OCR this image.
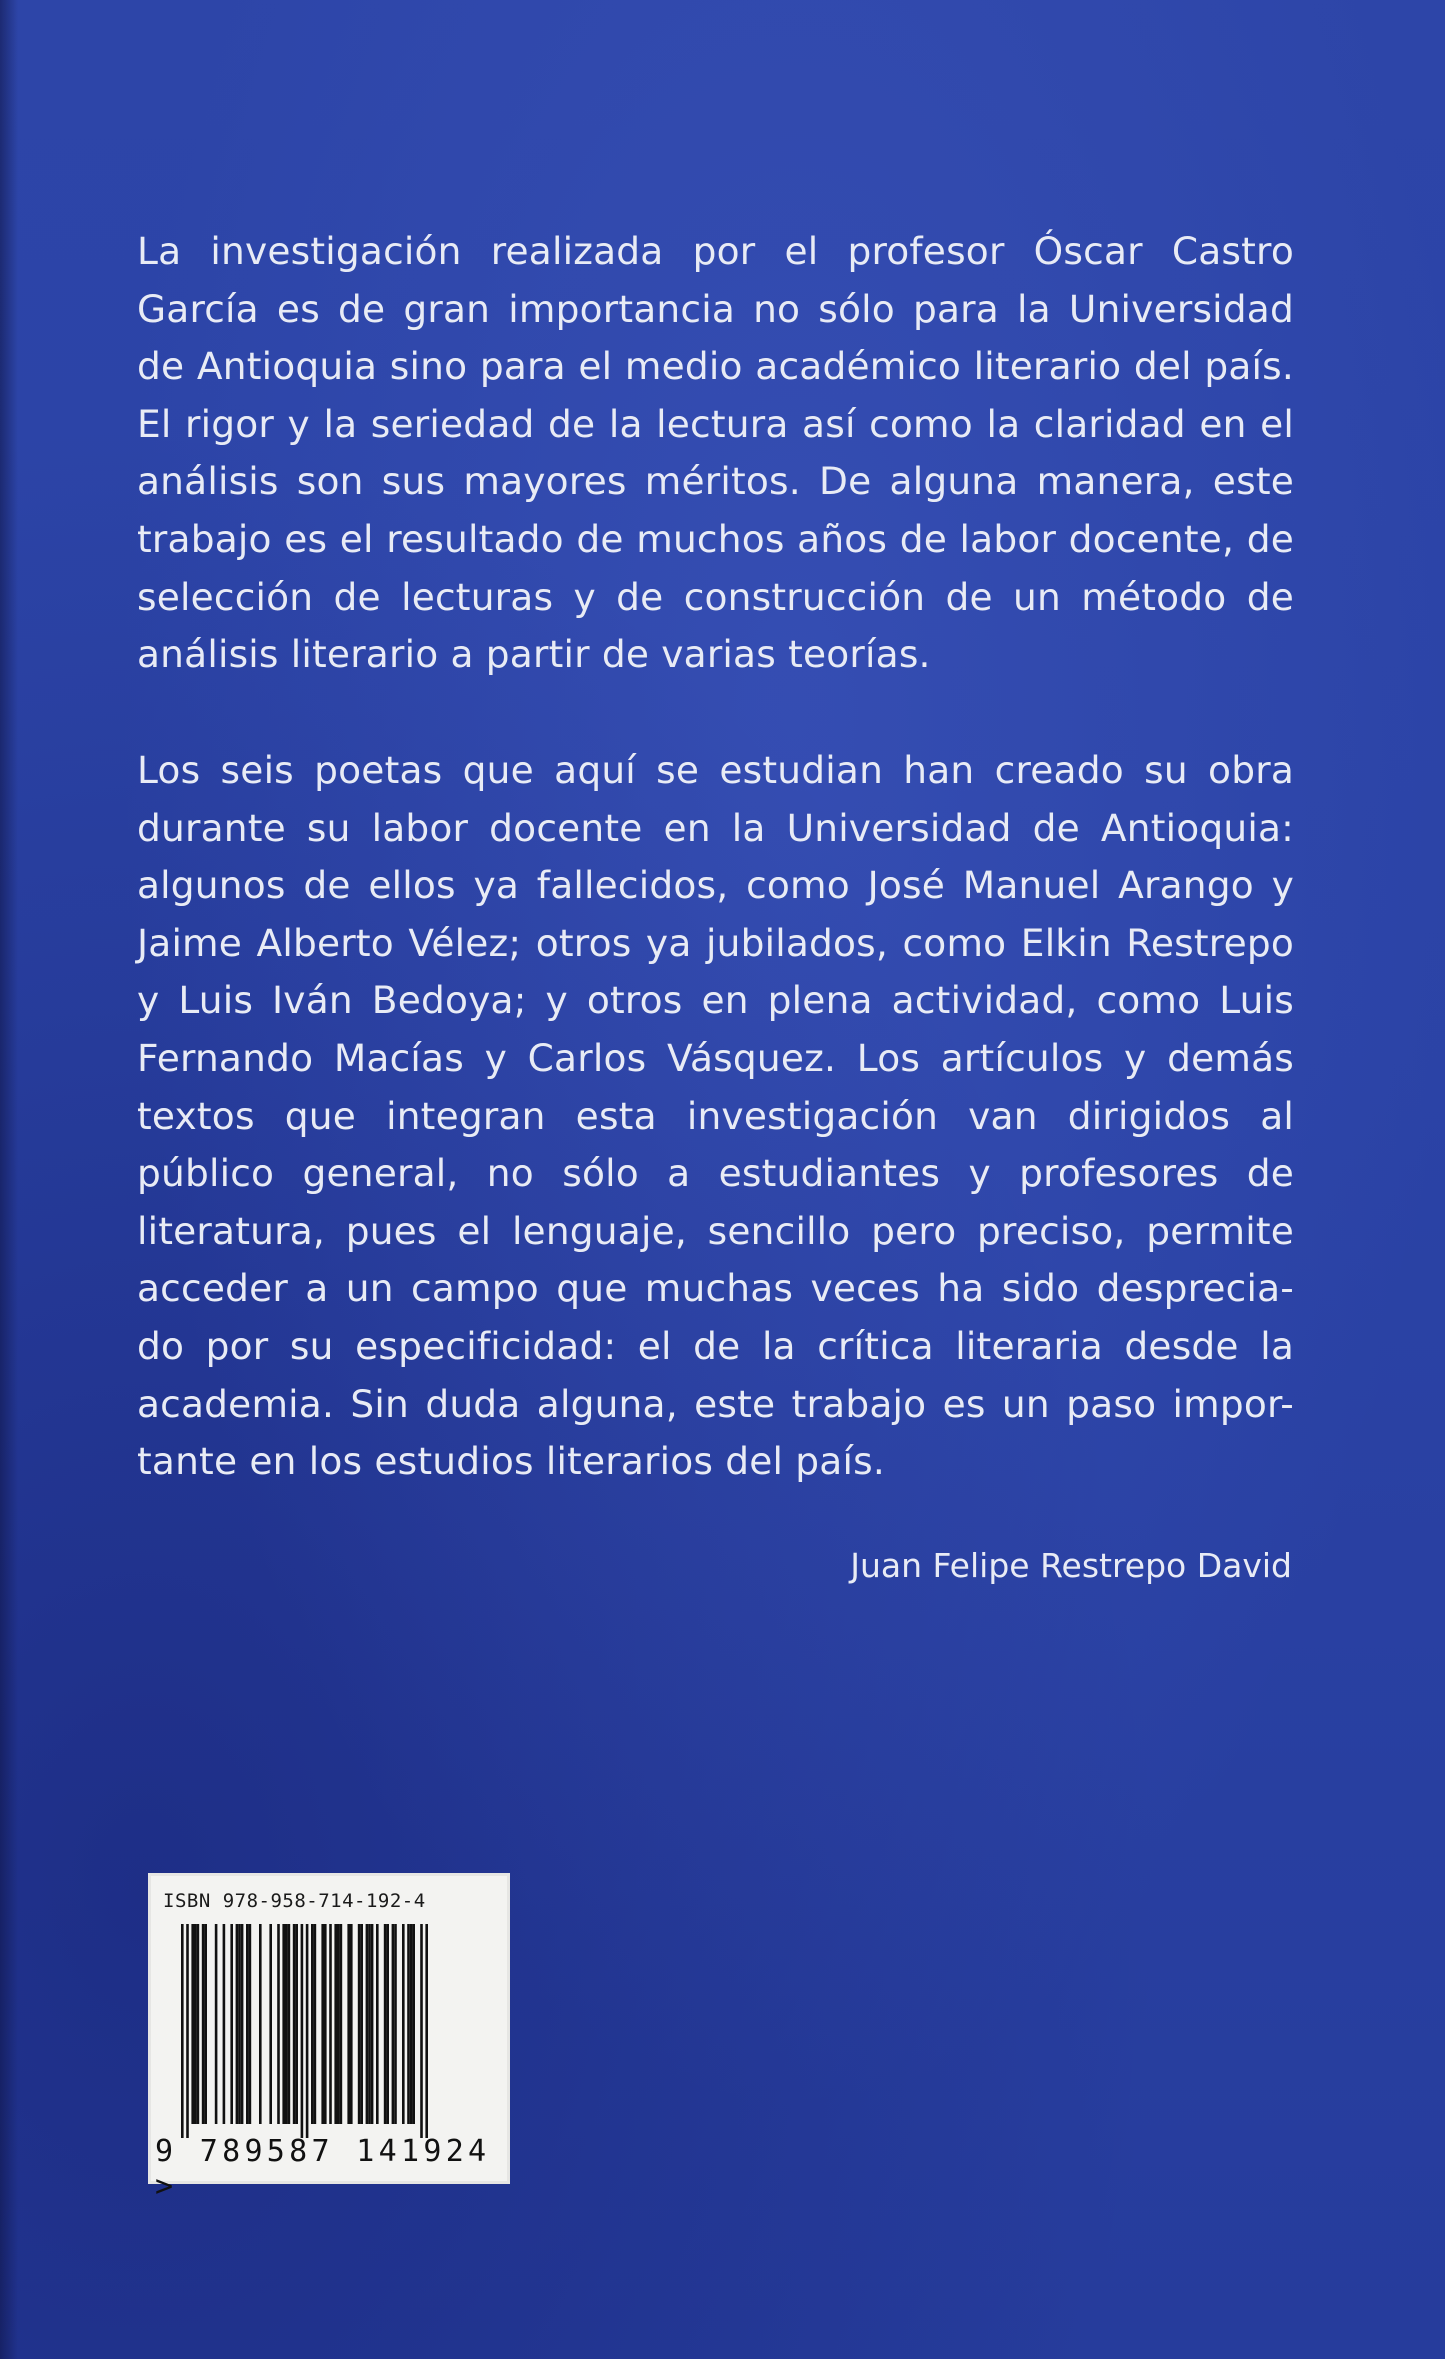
La investigación realizada por el profesor Óscar Castro García es de gran importancia no sólo para la Universidad de Antioquia sino para el medio académico literario del país. El rigor y la seriedad de la lectura así como la claridad en el análisis son sus mayores méritos. De alguna manera, este trabajo es el resultado de muchos años de labor docente, de selección de lecturas y de construcción de un método de análisis literario a partir de varias teorías.

Los seis poetas que aquí se estudian han creado su obra durante su labor docente en la Universidad de Antioquia: algunos de ellos ya fallecidos, como José Manuel Arango y Jaime Alberto Vélez; otros ya jubilados, como Elkin Restrepo y Luis Iván Bedoya; y otros en plena actividad, como Luis Fernando Macías y Carlos Vásquez. Los artículos y demás textos que integran esta investigación van dirigidos al público general, no sólo a estudiantes y profesores de literatura, pues el lenguaje, sencillo pero preciso, permite acceder a un campo que muchas veces ha sido desprecia-do por su especificidad: el de la crítica literaria desde la academia. Sin duda alguna, este trabajo es un paso impor-tante en los estudios literarios del país.

Juan Felipe Restrepo David

ISBN 978-958-714-192-4

9 789587 141924 >
